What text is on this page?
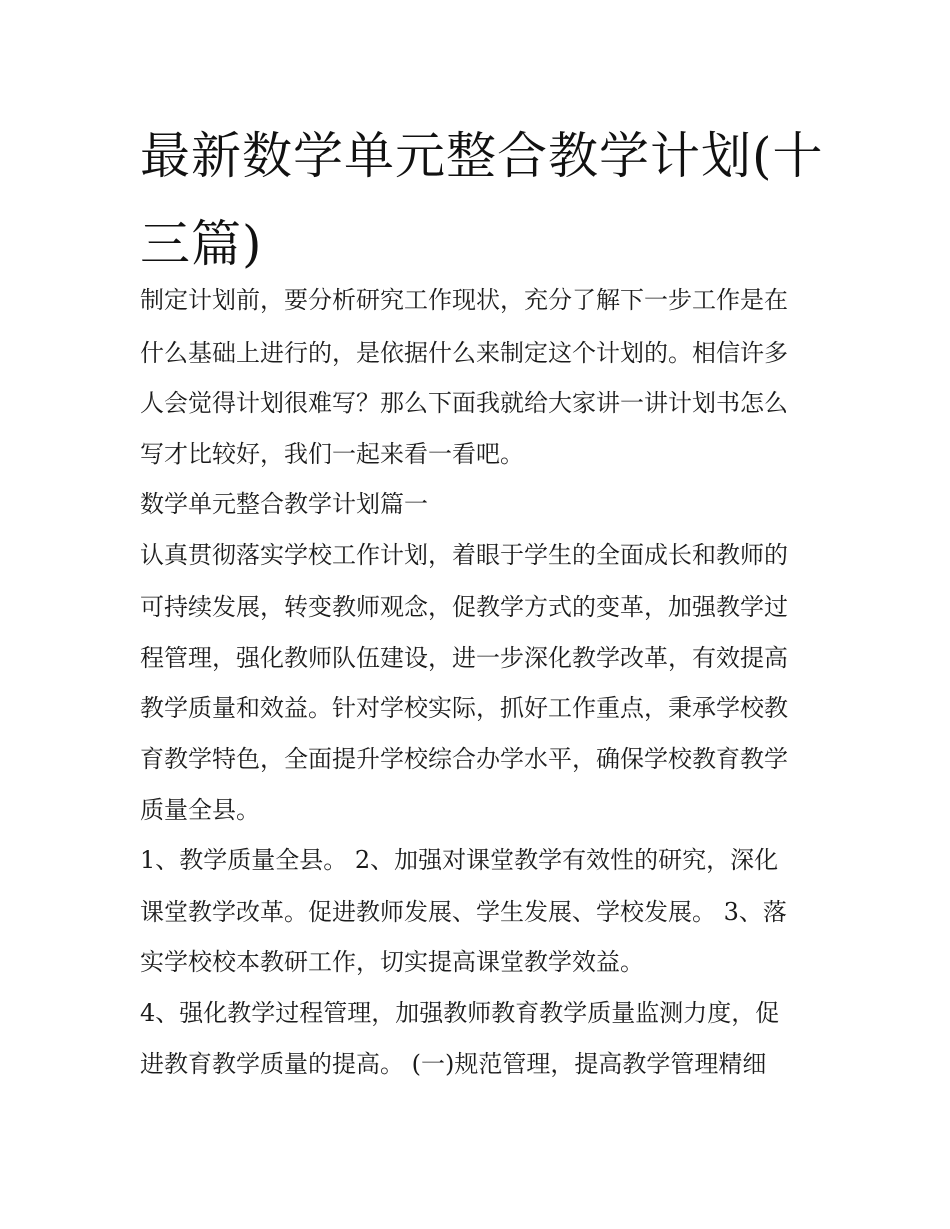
最新数学单元整合教学计划(十三篇)

制定计划前，要分析研究工作现状，充分了解下一步工作是在

什么基础上进行的，是依据什么来制定这个计划的。相信许多

人会觉得计划很难写？那么下面我就给大家讲一讲计划书怎么

写才比较好，我们一起来看一看吧。

数学单元整合教学计划篇一

认真贯彻落实学校工作计划，着眼于学生的全面成长和教师的

可持续发展，转变教师观念，促教学方式的变革，加强教学过

程管理，强化教师队伍建设，进一步深化教学改革，有效提高

教学质量和效益。针对学校实际，抓好工作重点，秉承学校教

育教学特色，全面提升学校综合办学水平，确保学校教育教学

质量全县。

1、教学质量全县。 2、加强对课堂教学有效性的研究，深化

课堂教学改革。促进教师发展、学生发展、学校发展。 3、落

实学校校本教研工作，切实提高课堂教学效益。

4、强化教学过程管理，加强教师教育教学质量监测力度，促

进教育教学质量的提高。 (一)规范管理，提高教学管理精细
